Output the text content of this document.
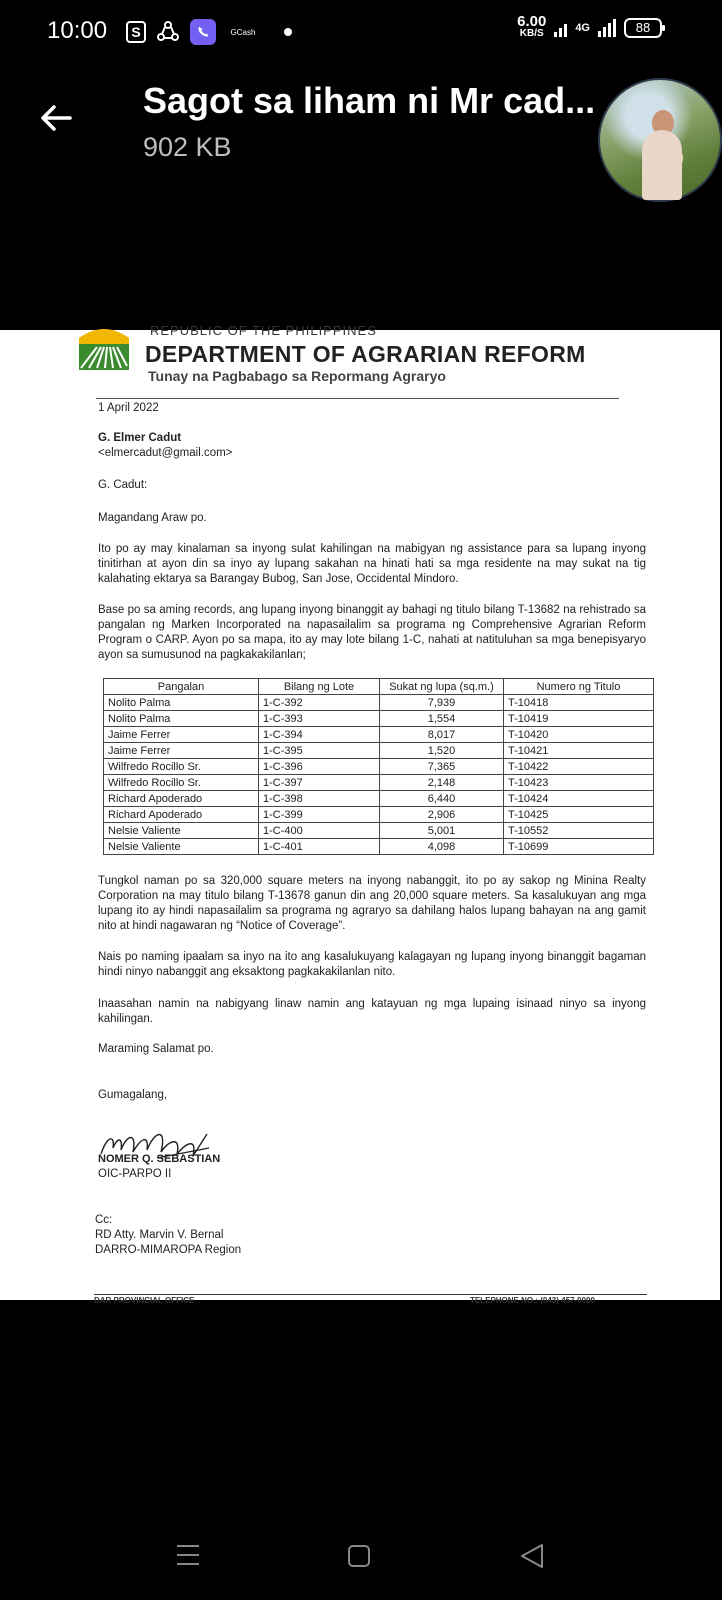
10:00	S	GCash
6.00
KB/S	4G	88
Sagot sa liham ni Mr cad...
902 KB
REPUBLIC OF THE PHILIPPINES
DEPARTMENT OF AGRARIAN REFORM
Tunay na Pagbabago sa Repormang Agraryo
1 April 2022
G. Elmer Cadut
<elmercadut@gmail.com>
G. Cadut:
Magandang Araw po.
Ito po ay may kinalaman sa inyong sulat kahilingan na mabigyan ng assistance para sa lupang inyong tinitirhan at ayon din sa inyo ay lupang sakahan na hinati hati sa mga residente na may sukat na tig kalahating ektarya sa Barangay Bubog, San Jose, Occidental Mindoro.
Base po sa aming records, ang lupang inyong binanggit ay bahagi ng titulo bilang T-13682 na rehistrado sa pangalan ng Marken Incorporated na napasailalim sa programa ng Comprehensive Agrarian Reform Program o CARP. Ayon po sa mapa, ito ay may lote bilang 1-C, nahati at natituluhan sa mga benepisyaryo ayon sa sumusunod na pagkakakilanlan;
Pangalan	Bilang ng Lote	Sukat ng lupa (sq.m.)	Numero ng Titulo
Nolito Palma	1-C-392	7,939	T-10418
Nolito Palma	1-C-393	1,554	T-10419
Jaime Ferrer	1-C-394	8,017	T-10420
Jaime Ferrer	1-C-395	1,520	T-10421
Wilfredo Rocillo Sr.	1-C-396	7,365	T-10422
Wilfredo Rocillo Sr.	1-C-397	2,148	T-10423
Richard Apoderado	1-C-398	6,440	T-10424
Richard Apoderado	1-C-399	2,906	T-10425
Nelsie Valiente	1-C-400	5,001	T-10552
Nelsie Valiente	1-C-401	4,098	T-10699
Tungkol naman po sa 320,000 square meters na inyong nabanggit, ito po ay sakop ng Minina Realty Corporation na may titulo bilang T-13678 ganun din ang 20,000 square meters. Sa kasalukuyan ang mga lupang ito ay hindi napasailalim sa programa ng agraryo sa dahilang halos lupang bahayan na ang gamit nito at hindi nagawaran ng “Notice of Coverage”.
Nais po naming ipaalam sa inyo na ito ang kasalukuyang kalagayan ng lupang inyong binanggit bagaman hindi ninyo nabanggit ang eksaktong pagkakakilanlan nito.
Inaasahan namin na nabigyang linaw namin ang katayuan ng mga lupaing isinaad ninyo sa inyong kahilingan.
Maraming Salamat po.
Gumagalang,
NOMER Q. SEBASTIAN
OIC-PARPO II
Cc:
RD Atty. Marvin V. Bernal
DARRO-MIMAROPA Region
DAR PROVINCIAL OFFICE	TELEPHONE NO.: (043) 457-0000
